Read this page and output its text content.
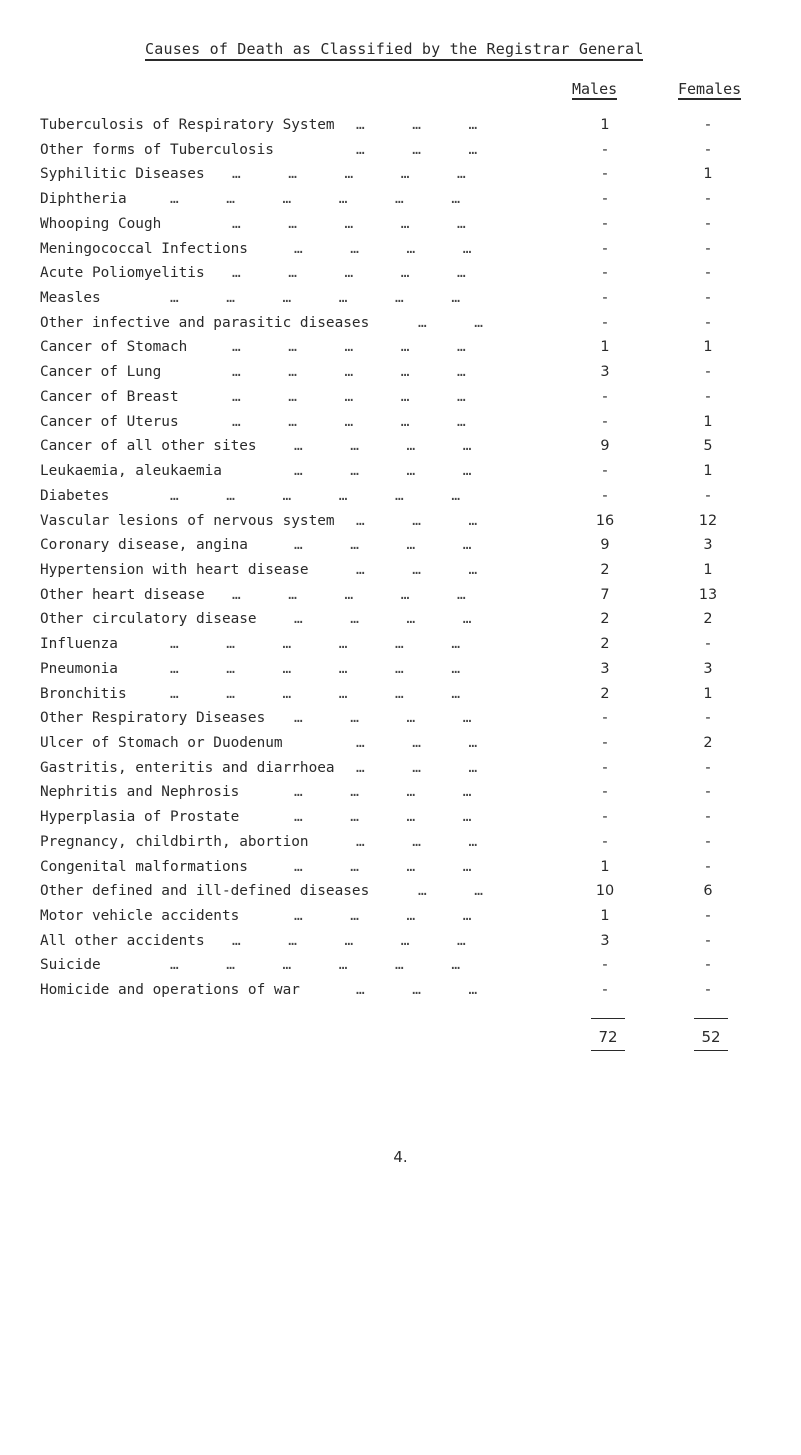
Causes of Death as Classified by the Registrar General
Males	Females
Tuberculosis of Respiratory System ………	1	-
Other forms of Tuberculosis	………	-	-
Syphilitic Diseases ……………	-	1
Diphtheria	………………	-	-
Whooping Cough	……………	-	-
Meningococcal Infections	…………	-	-
Acute Poliomyelitis ……………	-	-
Measles	………………	-	-
Other infective and parasitic diseases	……	-	-
Cancer of Stomach	……………	1	1
Cancer of Lung	……………	3	-
Cancer of Breast	……………	-	-
Cancer of Uterus	……………	-	1
Cancer of all other sites	…………	9	5
Leukaemia, aleukaemia	…………	-	1
Diabetes	………………	-	-
Vascular lesions of nervous system ………	16	12
Coronary disease, angina	…………	9	3
Hypertension with heart disease	………	2	1
Other heart disease ……………	7	13
Other circulatory disease	…………	2	2
Influenza	………………	2	-
Pneumonia	………………	3	3
Bronchitis	………………	2	1
Other Respiratory Diseases …………	-	-
Ulcer of Stomach or Duodenum	………	-	2
Gastritis, enteritis and diarrhoea ………	-	-
Nephritis and Nephrosis	…………	-	-
Hyperplasia of Prostate	…………	-	-
Pregnancy, childbirth, abortion	………	-	-
Congenital malformations	…………	1	-
Other defined and ill-defined diseases	……	10	6
Motor vehicle accidents	…………	1	-
All other accidents ……………	3	-
Suicide	………………	-	-
Homicide and operations of war	………	-	-
72	52
4.
